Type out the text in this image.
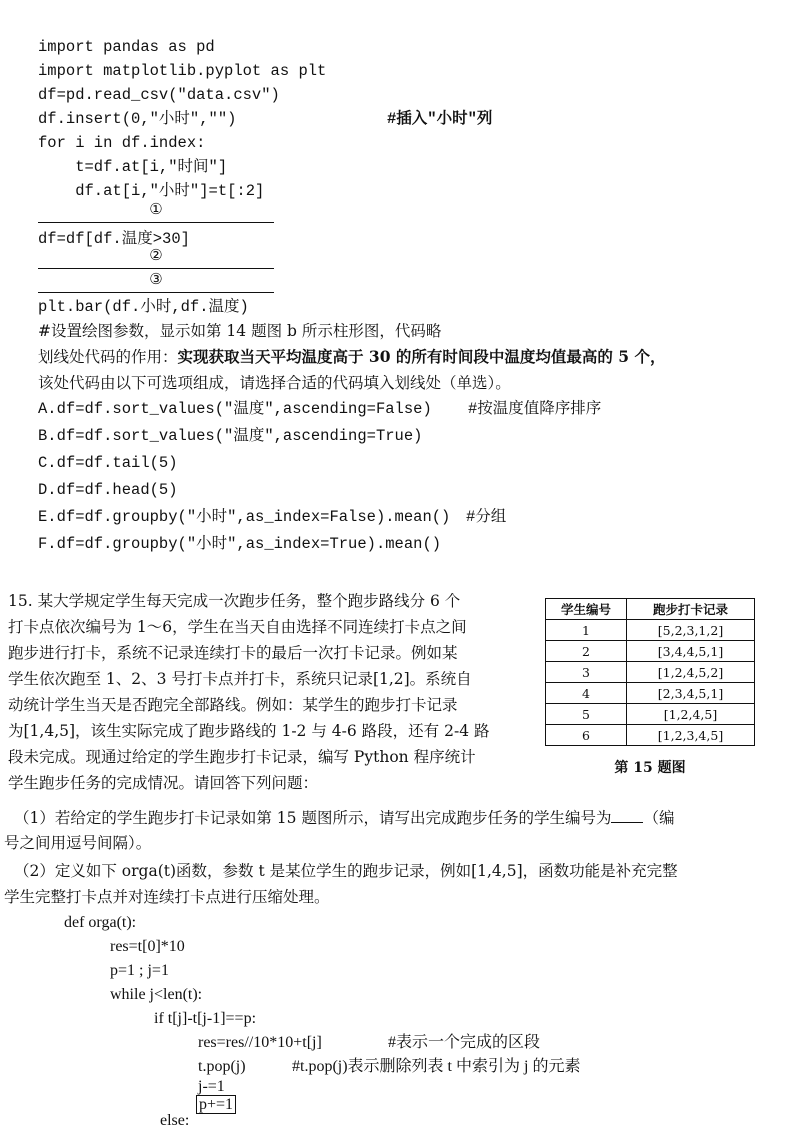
import pandas as pd
import matplotlib.pyplot as plt
df=pd.read_csv("data.csv")
df.insert(0,"小时","")	#插入"小时"列
for i in df.index:
t=df.at[i,"时间"]
df.at[i,"小时"]=t[:2]
①
df=df[df.温度>30]
②
③
plt.bar(df.小时,df.温度)
#设置绘图参数，显示如第 14 题图 b 所示柱形图，代码略
划线处代码的作用：实现获取当天平均温度高于 30 的所有时间段中温度均值最高的 5 个，
该处代码由以下可选项组成，请选择合适的代码填入划线处（单选）。
A.df=df.sort_values("温度",ascending=False) #按温度值降序排序
B.df=df.sort_values("温度",ascending=True)
C.df=df.tail(5)
D.df=df.head(5)
E.df=df.groupby("小时",as_index=False).mean() #分组
F.df=df.groupby("小时",as_index=True).mean()
15. 某大学规定学生每天完成一次跑步任务，整个跑步路线分 6 个
打卡点依次编号为 1～6，学生在当天自由选择不同连续打卡点之间
跑步进行打卡，系统不记录连续打卡的最后一次打卡记录。例如某
学生依次跑至 1、2、3 号打卡点并打卡，系统只记录[1,2]。系统自
动统计学生当天是否跑完全部路线。例如：某学生的跑步打卡记录
为[1,4,5]，该生实际完成了跑步路线的 1-2 与 4-6 路段，还有 2-4 路
段未完成。现通过给定的学生跑步打卡记录，编写 Python 程序统计
学生跑步任务的完成情况。请回答下列问题：
学生编号	跑步打卡记录
1	[5,2,3,1,2]
2	[3,4,4,5,1]
3	[1,2,4,5,2]
4	[2,3,4,5,1]
5	[1,2,4,5]
6	[1,2,3,4,5]
第 15 题图
（1）若给定的学生跑步打卡记录如第 15 题图所示，请写出完成跑步任务的学生编号为 （编
号之间用逗号间隔）。
（2）定义如下 orga(t)函数，参数 t 是某位学生的跑步记录，例如[1,4,5]，函数功能是补充完整
学生完整打卡点并对连续打卡点进行压缩处理。
def orga(t):
res=t[0]*10
p=1 ; j=1
while j<len(t):
if t[j]-t[j-1]==p:
res=res//10*10+t[j]	#表示一个完成的区段
t.pop(j)	#t.pop(j)表示删除列表 t 中索引为 j 的元素
j-=1
p+=1
else:
